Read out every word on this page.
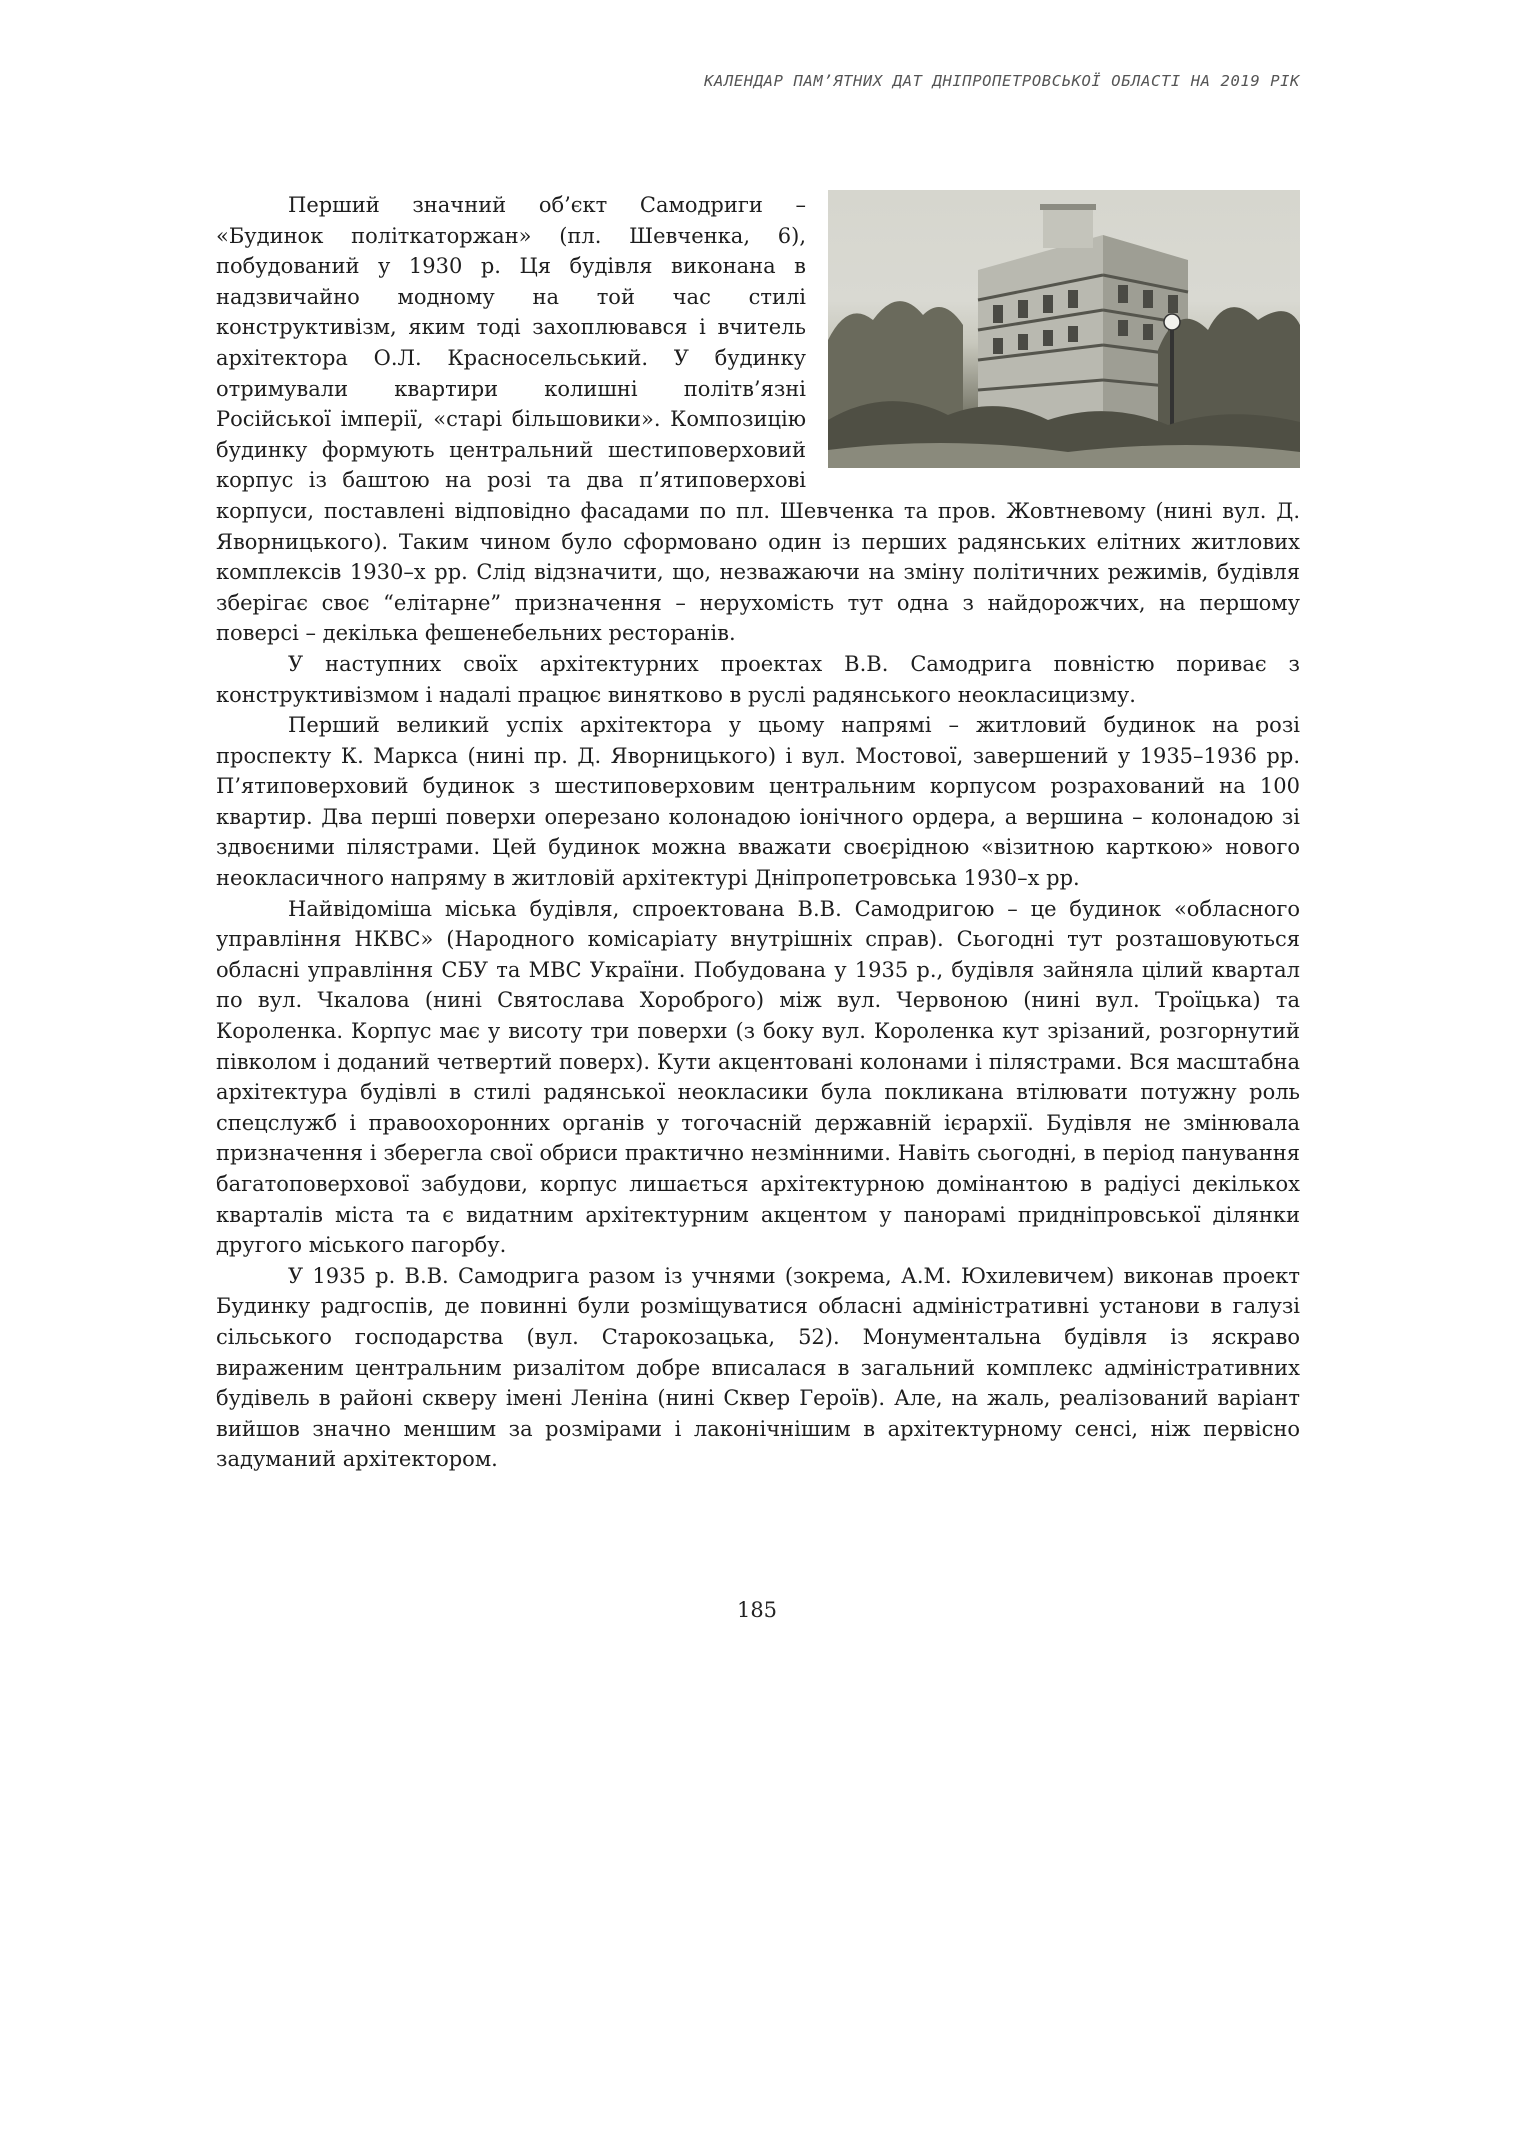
КАЛЕНДАР ПАМ’ЯТНИХ ДАТ ДНІПРОПЕТРОВСЬКОЇ ОБЛАСТІ НА 2019 РІК

Перший значний об’єкт Самодриги – «Будинок політкаторжан» (пл. Шевченка, 6), побудований у 1930 р. Ця будівля виконана в надзвичайно модному на той час стилі конструктивізм, яким тоді захоплювався і вчитель архітектора О.Л. Красносельський. У будинку отримували квартири колишні політв’язні Російської імперії, «старі більшовики». Композицію будинку формують центральний шестиповерховий корпус із баштою на розі та два п’ятиповерхові корпуси, поставлені відповідно фасадами по пл. Шевченка та пров. Жовтневому (нині вул. Д. Яворницького). Таким чином було сформовано один із перших радянських елітних житлових комплексів 1930–х рр. Слід відзначити, що, незважаючи на зміну політичних режимів, будівля зберігає своє “елітарне” призначення – нерухомість тут одна з найдорожчих, на першому поверсі – декілька фешенебельних ресторанів.

У наступних своїх архітектурних проектах В.В. Самодрига повністю пориває з конструктивізмом і надалі працює винятково в руслі радянського неокласицизму.

Перший великий успіх архітектора у цьому напрямі – житловий будинок на розі проспекту К. Маркса (нині пр. Д. Яворницького) і вул. Мостової, завершений у 1935–1936 рр. П’ятиповерховий будинок з шестиповерховим центральним корпусом розрахований на 100 квартир. Два перші поверхи оперезано колонадою іонічного ордера, а вершина – колонадою зі здвоєними пілястрами. Цей будинок можна вважати своєрідною «візитною карткою» нового неокласичного напряму в житловій архітектурі Дніпропетровська 1930–х рр.

Найвідоміша міська будівля, спроектована В.В. Самодригою – це будинок «обласного управління НКВС» (Народного комісаріату внутрішніх справ). Сьогодні тут розташовуються обласні управління СБУ та МВС України. Побудована у 1935 р., будівля зайняла цілий квартал по вул. Чкалова (нині Святослава Хороброго) між вул. Червоною (нині вул. Троїцька) та Короленка. Корпус має у висоту три поверхи (з боку вул. Короленка кут зрізаний, розгорнутий півколом і доданий четвертий поверх). Кути акцентовані колонами і пілястрами. Вся масштабна архітектура будівлі в стилі радянської неокласики була покликана втілювати потужну роль спецслужб і правоохоронних органів у тогочасній державній ієрархії. Будівля не змінювала призначення і зберегла свої обриси практично незмінними. Навіть сьогодні, в період панування багатоповерхової забудови, корпус лишається архітектурною домінантою в радіусі декількох кварталів міста та є видатним архітектурним акцентом у панорамі придніпровської ділянки другого міського пагорбу.

У 1935 р. В.В. Самодрига разом із учнями (зокрема, А.М. Юхилевичем) виконав проект Будинку радгоспів, де повинні були розміщуватися обласні адміністративні установи в галузі сільського господарства (вул. Старокозацька, 52). Монументальна будівля із яскраво вираженим центральним ризалітом добре вписалася в загальний комплекс адміністративних будівель в районі скверу імені Леніна (нині Сквер Героїв). Але, на жаль, реалізований варіант вийшов значно меншим за розмірами і лаконічнішим в архітектурному сенсі, ніж первісно задуманий архітектором.

185
